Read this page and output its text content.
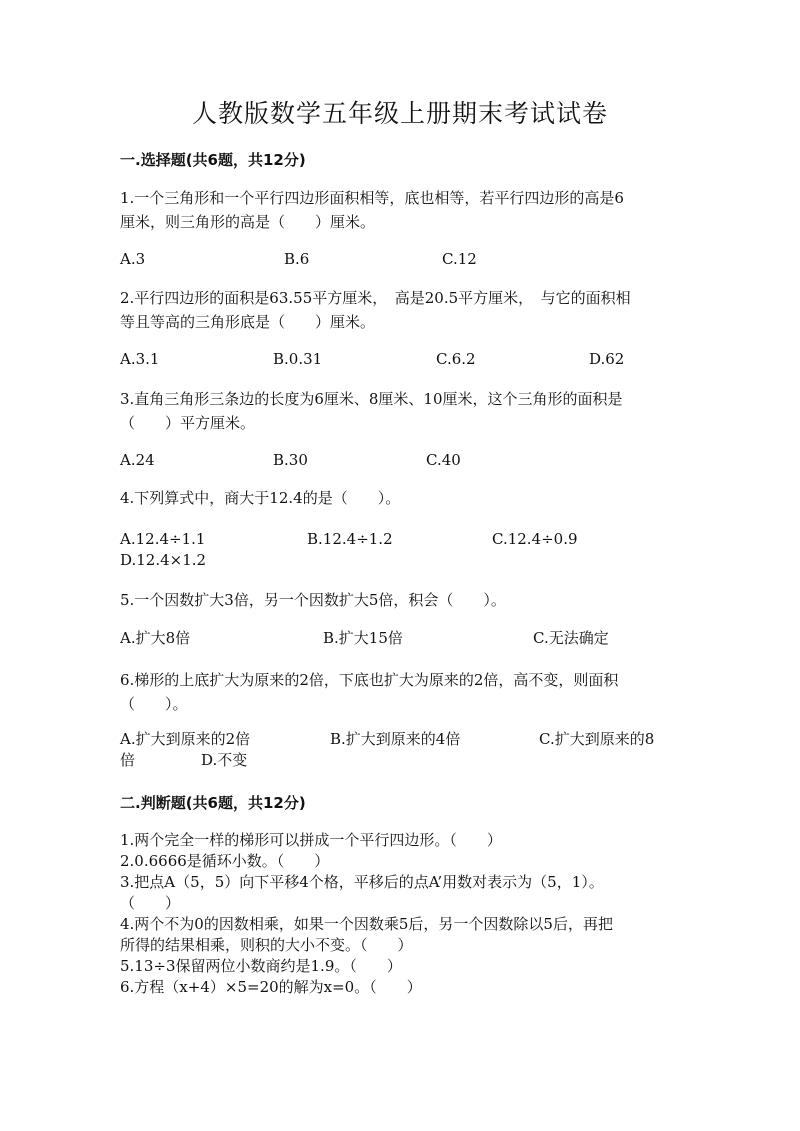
人教版数学五年级上册期末考试试卷
一.选择题(共6题，共12分)
1.一个三角形和一个平行四边形面积相等，底也相等，若平行四边形的高是6
厘米，则三角形的高是（　　）厘米。
A.3	B.6	C.12
2.平行四边形的面积是63.55平方厘米，　高是20.5平方厘米，　与它的面积相
等且等高的三角形底是（　　）厘米。
A.3.1	B.0.31	C.6.2	D.62
3.直角三角形三条边的长度为6厘米、8厘米、10厘米，这个三角形的面积是
（　　）平方厘米。
A.24	B.30	C.40
4.下列算式中，商大于12.4的是（　　）。
A.12.4÷1.1	B.12.4÷1.2	C.12.4÷0.9
D.12.4×1.2
5.一个因数扩大3倍，另一个因数扩大5倍，积会（　　）。
A.扩大8倍	B.扩大15倍	C.无法确定
6.梯形的上底扩大为原来的2倍，下底也扩大为原来的2倍，高不变，则面积
（　　）。
A.扩大到原来的2倍	B.扩大到原来的4倍	C.扩大到原来的8
倍	D.不变
二.判断题(共6题，共12分)
1.两个完全一样的梯形可以拼成一个平行四边形。（　　）
2.0.6666是循环小数。（　　）
3.把点A（5，5）向下平移4个格，平移后的点A’用数对表示为（5，1）。
（　　）
4.两个不为0的因数相乘，如果一个因数乘5后，另一个因数除以5后，再把
所得的结果相乘，则积的大小不变。（　　）
5.13÷3保留两位小数商约是1.9。（　　）
6.方程（x+4）×5=20的解为x=0。（　　）
